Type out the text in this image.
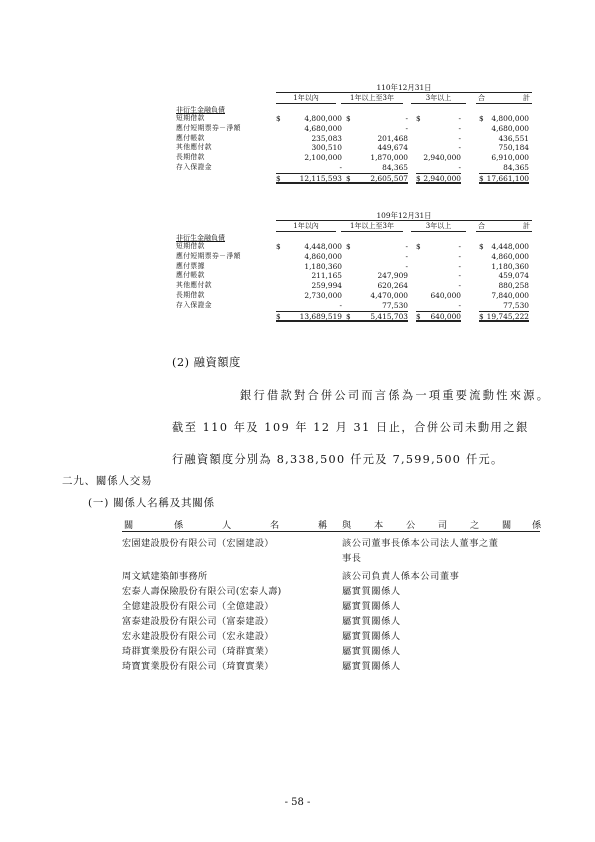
110年12月31日
1年以內	1年以上至3年	3年以上	合	計
非衍生金融負債
短期借款	$	4,800,000 $	- $	- $ 4,800,000
應付短期票券－淨額	4,680,000	-	-	4,680,000
應付帳款	235,083	201,468	-	436,551
其他應付款	300,510	449,674	-	750,184
長期借款	2,100,000	1,870,000 2,940,000	6,910,000
存入保證金	-	84,365	-	84,365
$	12,115,593 $	2,605,507 $ 2,940,000 $ 17,661,100
109年12月31日
1年以內	1年以上至3年	3年以上	合	計
非衍生金融負債
短期借款	$	4,448,000 $	- $	- $ 4,448,000
應付短期票券－淨額	4,860,000	-	-	4,860,000
應付票據	1,180,360	-	-	1,180,360
應付帳款	211,165	247,909	-	459,074
其他應付款	259,994	620,264	-	880,258
長期借款	2,730,000	4,470,000	640,000	7,840,000
存入保證金	-	77,530	-	77,530
$	13,689,519 $	5,415,703 $ 640,000 $ 19,745,222
(2) 融資額度
銀行借款對合併公司而言係為一項重要流動性來源。
截至 110 年及 109 年 12 月 31 日止，合併公司未動用之銀
行融資額度分別為 8,338,500 仟元及 7,599,500 仟元。
二九、關係人交易
(一) 關係人名稱及其關係
關	係	人	名	稱 與 本 公 司 之 關 係
宏園建設股份有限公司（宏園建設）	該公司董事長係本公司法人董事之董
事長
周文斌建築師事務所	該公司負責人係本公司董事
宏泰人壽保險股份有限公司(宏泰人壽)	屬實質關係人
全億建設股份有限公司（全億建設）	屬實質關係人
富泰建設股份有限公司（富泰建設）	屬實質關係人
宏永建設股份有限公司（宏永建設）	屬實質關係人
琦群實業股份有限公司（琦群實業）	屬實質關係人
琦寶實業股份有限公司（琦寶實業）	屬實質關係人
- 58 -
